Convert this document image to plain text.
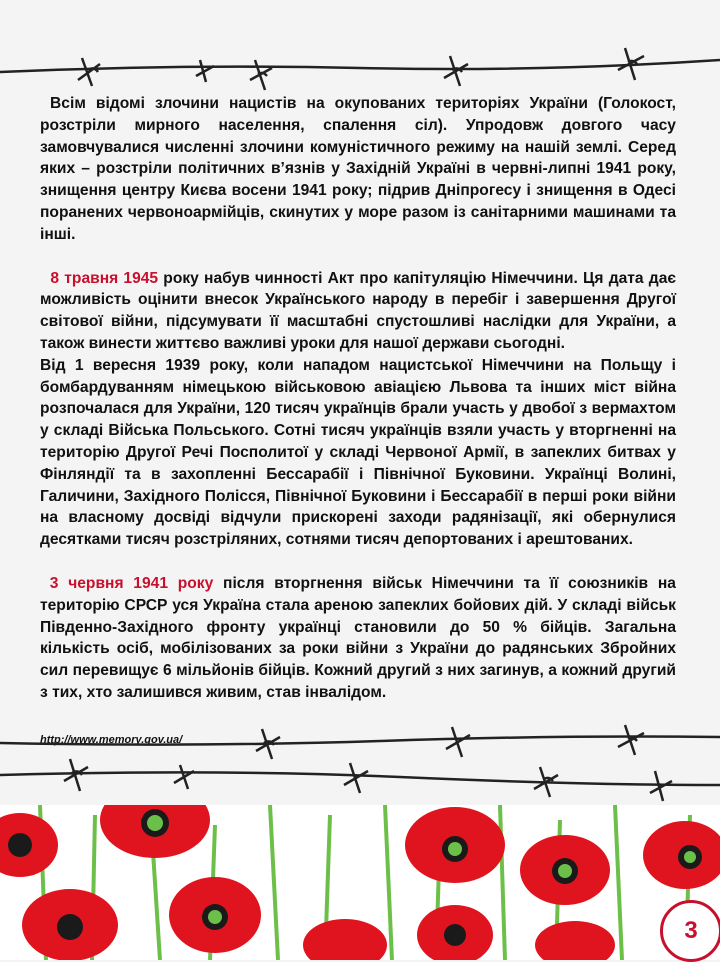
Всім відомі злочини нацистів на окупованих територіях України (Голокост, розстріли мирного населення, спалення сіл). Упродовж довгого часу замовчувалися численні злочини комуністичного режиму на нашій землі. Серед яких – розстріли політичних в’язнів у Західній Україні в червні-липні 1941 року, знищення центру Києва восени 1941 року; підрив Дніпрогесу і знищення в Одесі поранених червоноармійців, скинутих у море разом із санітарними машинами та інші.

8 травня 1945 року набув чинності Акт про капітуляцію Німеччини. Ця дата дає можливість оцінити внесок Українського народу в перебіг і завершення Другої світової війни, підсумувати її масштабні спустошливі наслідки для України, а також винести життєво важливі уроки для нашої держави сьогодні.

Від 1 вересня 1939 року, коли нападом нацистської Німеччини на Польщу і бомбардуванням німецькою військовою авіацією Львова та інших міст війна розпочалася для України, 120 тисяч українців брали участь у двобої з вермахтом у складі Війська Польського. Сотні тисяч українців взяли участь у вторгненні на територію Другої Речі Посполитої у складі Червоної Армії, в запеклих битвах у Фінляндії та в захопленні Бессарабії і Північної Буковини. Українці Волині, Галичини, Західного Полісся, Північної Буковини і Бессарабії в перші роки війни на власному досвіді відчули прискорені заходи радянізації, які обернулися десятками тисяч розстріляних, сотнями тисяч депортованих і арештованих.

3 червня 1941 року після вторгнення військ Німеччини та її союзників на територію СРСР уся Україна стала ареною запеклих бойових дій. У складі військ Південно-Західного фронту українці становили до 50 % бійців. Загальна кількість осіб, мобілізованих за роки війни з України до радянських Збройних сил перевищує 6 мільйонів бійців. Кожний другий з них загинув, а кожний другий з тих, хто залишився живим, став інвалідом.

http://www.memory.gov.ua/
3
